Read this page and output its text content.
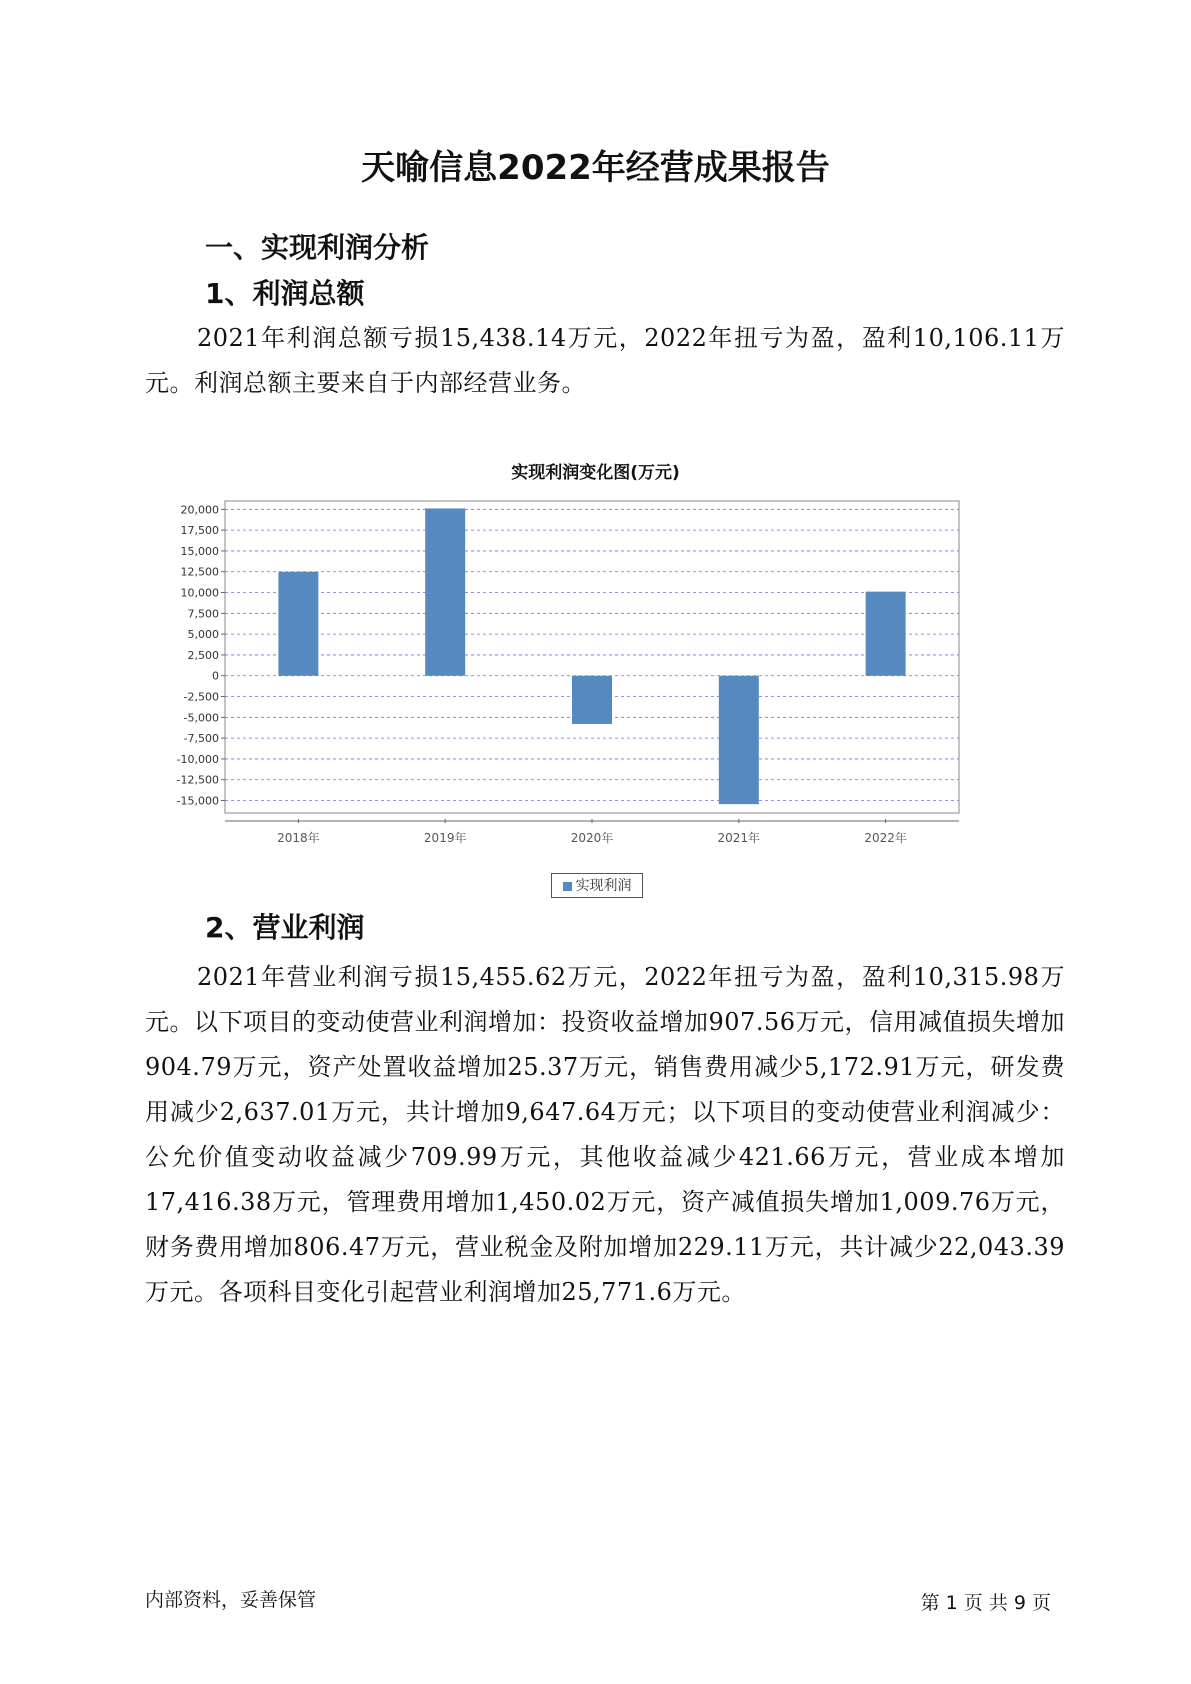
天喻信息2022年经营成果报告
一、实现利润分析
1、利润总额

2021年利润总额亏损15,438.14万元，2022年扭亏为盈，盈利10,106.11万元。利润总额主要来自于内部经营业务。

实现利润变化图(万元)
20,000
17,500
15,000
12,500
10,000
7,500
5,000
2,500
0
-2,500
-5,000
-7,500
-10,000
-12,500
-15,000
2018年	2019年	2020年	2021年	2022年
实现利润
2、营业利润

2021年营业利润亏损15,455.62万元，2022年扭亏为盈，盈利10,315.98万元。以下项目的变动使营业利润增加：投资收益增加907.56万元，信用减值损失增加904.79万元，资产处置收益增加25.37万元，销售费用减少5,172.91万元，研发费用减少2,637.01万元，共计增加9,647.64万元；以下项目的变动使营业利润减少：公允价值变动收益减少709.99万元，其他收益减少421.66万元，营业成本增加17,416.38万元，管理费用增加1,450.02万元，资产减值损失增加1,009.76万元，财务费用增加806.47万元，营业税金及附加增加229.11万元，共计减少22,043.39万元。各项科目变化引起营业利润增加25,771.6万元。

内部资料，妥善保管	第 1 页 共 9 页
